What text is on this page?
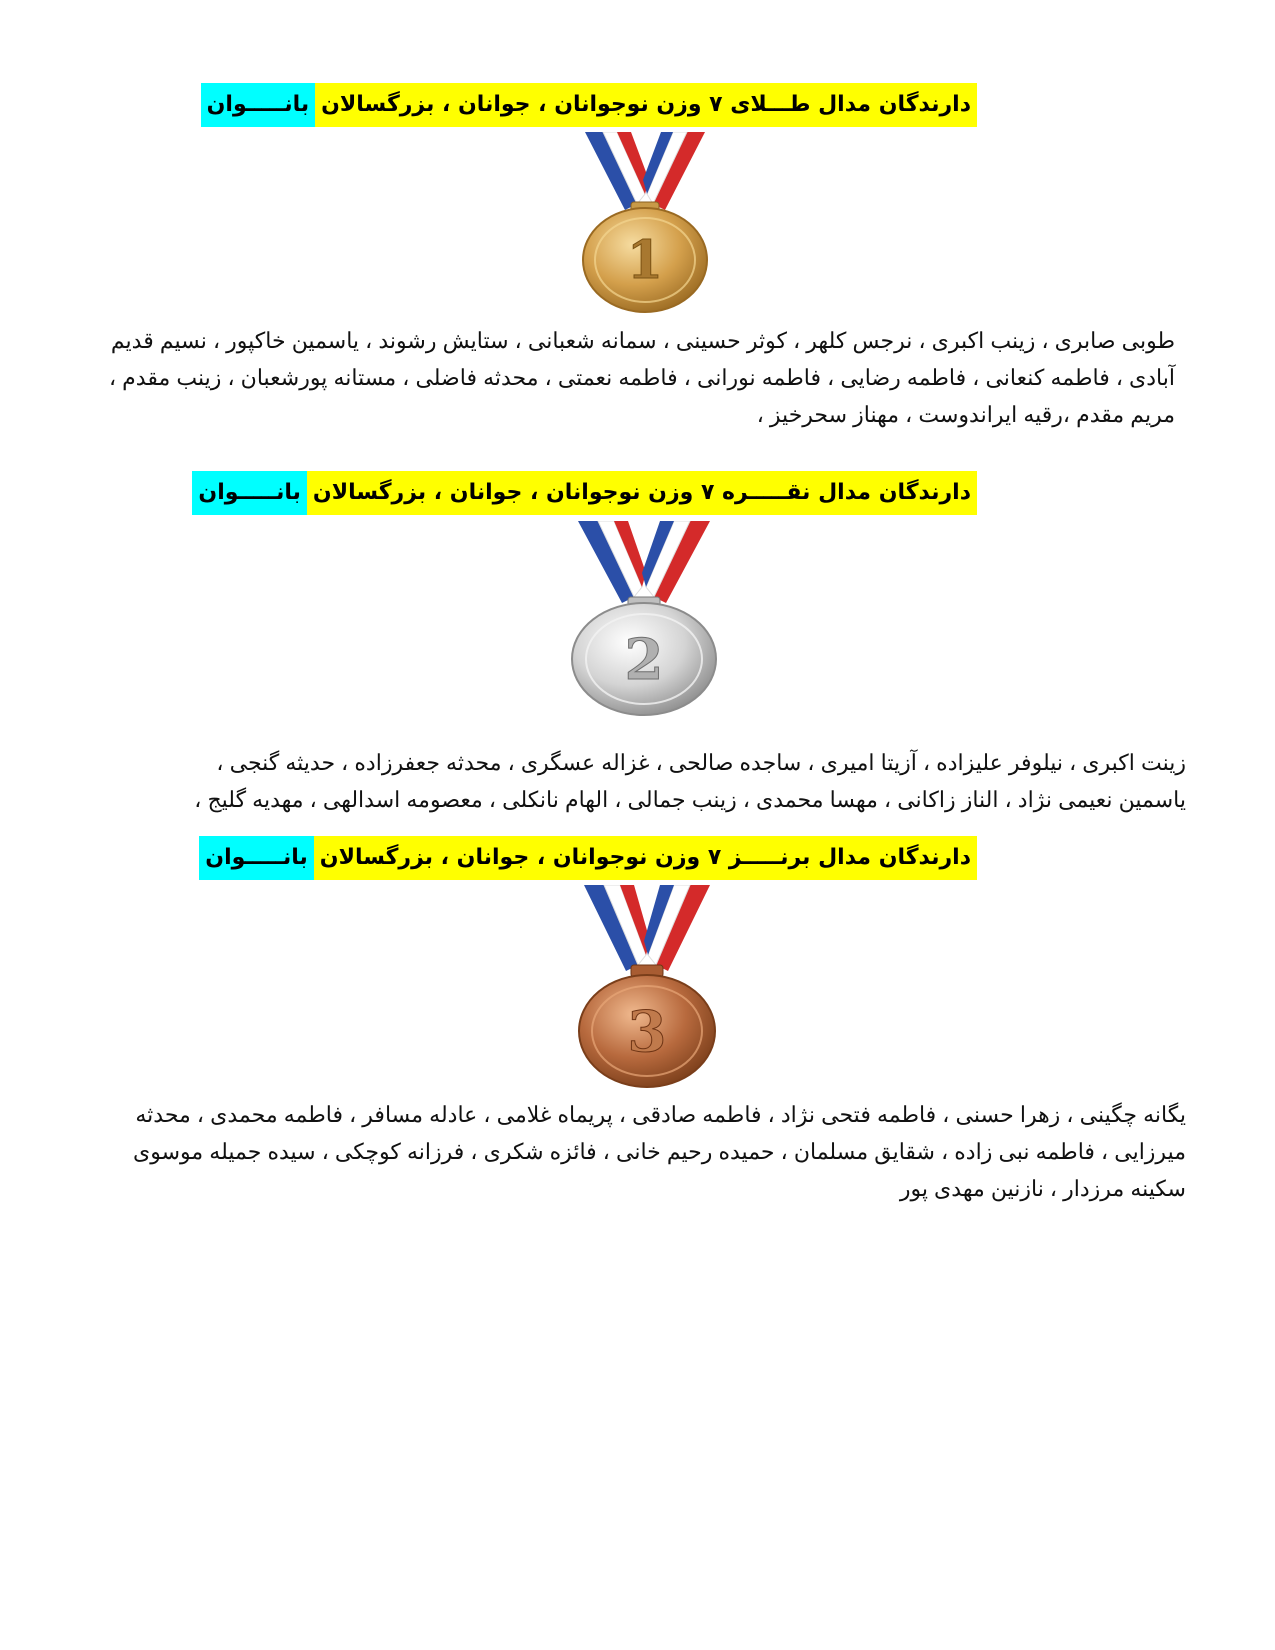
دارندگان مدال طـــلای ۷ وزن نوجوانان ، جوانان ، بزرگسالان
بانـــــوان
1
طوبی صابری ، زینب اکبری ، نرجس کلهر ، کوثر حسینی ، سمانه شعبانی ، ستایش رشوند ، یاسمین خاکپور ، نسیم قدیم آبادی ، فاطمه کنعانی ، فاطمه رضایی ، فاطمه نورانی ، فاطمه نعمتی ، محدثه فاضلی ، مستانه پورشعبان ، زینب مقدم ، مریم مقدم ،رقیه ایراندوست ، مهناز سحرخیز ،
دارندگان مدال نقـــــره ۷ وزن نوجوانان ، جوانان ، بزرگسالان
بانـــــوان
2
زینت اکبری ، نیلوفر علیزاده ، آزیتا امیری ، ساجده صالحی ، غزاله عسگری ، محدثه جعفرزاده ، حدیثه گنجی ، یاسمین نعیمی نژاد ، الناز زاکانی ، مهسا محمدی ، زینب جمالی ، الهام نانکلی ، معصومه اسدالهی ، مهدیه گلیج ،
دارندگان مدال برنـــــز ۷ وزن نوجوانان ، جوانان ، بزرگسالان
بانـــــوان
3
یگانه چگینی ، زهرا حسنی ، فاطمه فتحی نژاد ، فاطمه صادقی ، پریماه غلامی ، عادله مسافر ، فاطمه محمدی ، محدثه میرزایی ، فاطمه نبی زاده ، شقایق مسلمان ، حمیده رحیم خانی ، فائزه شکری ، فرزانه کوچکی ، سیده جمیله موسوی سکینه مرزدار ، نازنین مهدی پور
